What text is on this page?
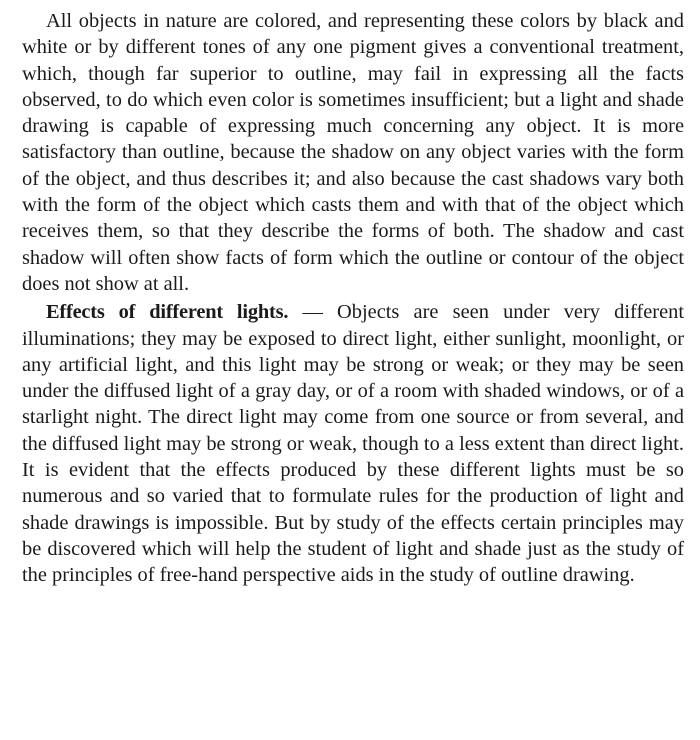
All objects in nature are colored, and representing these colors by black and white or by different tones of any one pigment gives a conventional treatment, which, though far superior to outline, may fail in expressing all the facts observed, to do which even color is sometimes insufficient; but a light and shade drawing is capable of expressing much concerning any object. It is more satisfactory than outline, because the shadow on any object varies with the form of the object, and thus describes it; and also because the cast shadows vary both with the form of the object which casts them and with that of the object which receives them, so that they describe the forms of both. The shadow and cast shadow will often show facts of form which the outline or contour of the object does not show at all.

Effects of different lights. — Objects are seen under very different illuminations; they may be exposed to direct light, either sunlight, moonlight, or any artificial light, and this light may be strong or weak; or they may be seen under the diffused light of a gray day, or of a room with shaded windows, or of a starlight night. The direct light may come from one source or from several, and the diffused light may be strong or weak, though to a less extent than direct light. It is evident that the effects produced by these different lights must be so numerous and so varied that to formulate rules for the production of light and shade drawings is impossible. But by study of the effects certain principles may be discovered which will help the student of light and shade just as the study of the principles of free-hand perspective aids in the study of outline drawing.
